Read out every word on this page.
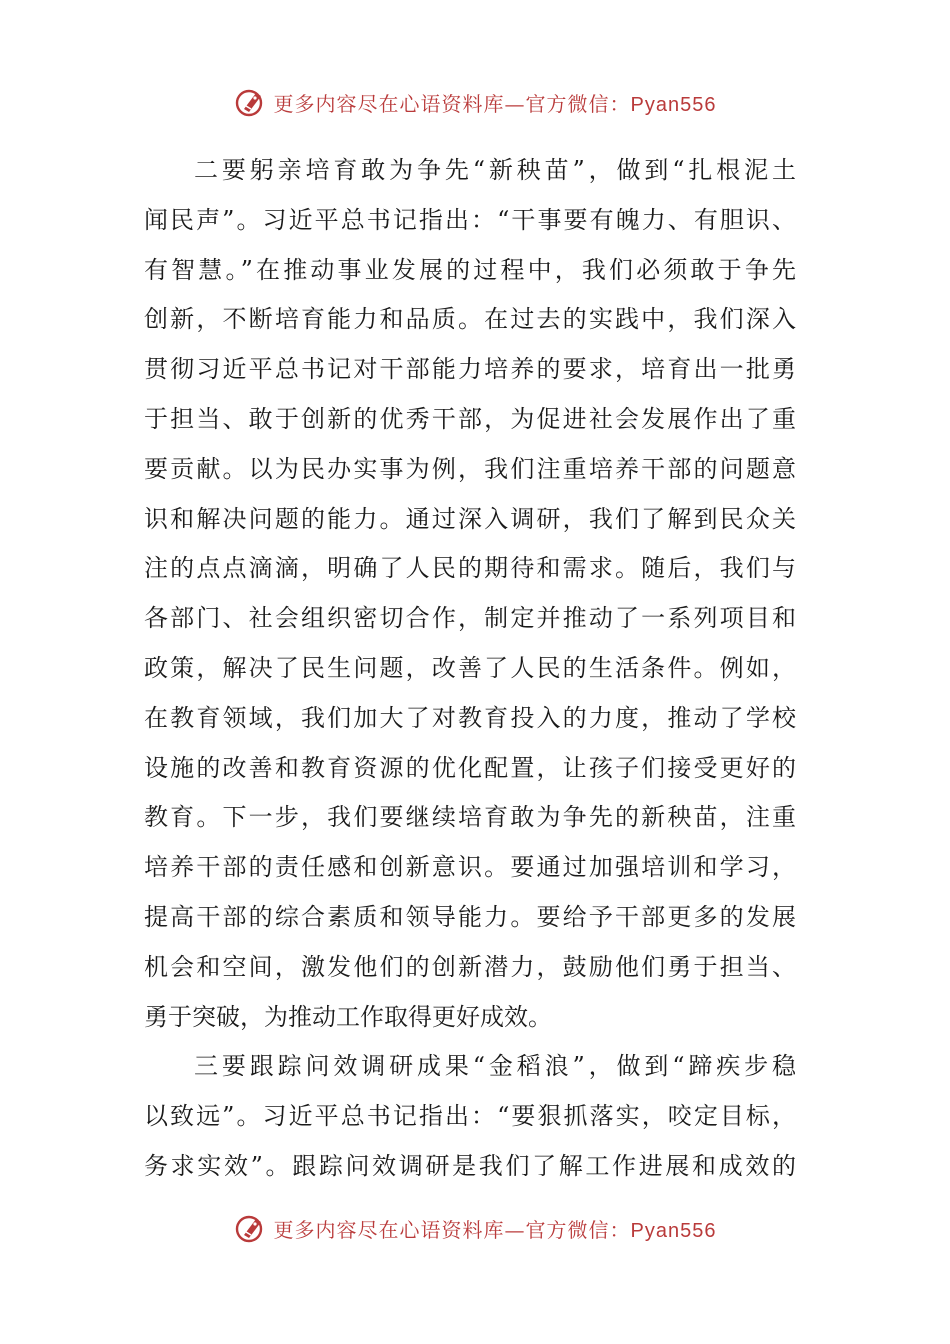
更多内容尽在心语资料库—官方微信：Pyan556
二要躬亲培育敢为争先“新秧苗”，做到“扎根泥土
闻民声”。习近平总书记指出：“干事要有魄力、有胆识、
有智慧。”在推动事业发展的过程中，我们必须敢于争先
创新，不断培育能力和品质。在过去的实践中，我们深入
贯彻习近平总书记对干部能力培养的要求，培育出一批勇
于担当、敢于创新的优秀干部，为促进社会发展作出了重
要贡献。以为民办实事为例，我们注重培养干部的问题意
识和解决问题的能力。通过深入调研，我们了解到民众关
注的点点滴滴，明确了人民的期待和需求。随后，我们与
各部门、社会组织密切合作，制定并推动了一系列项目和
政策，解决了民生问题，改善了人民的生活条件。例如，
在教育领域，我们加大了对教育投入的力度，推动了学校
设施的改善和教育资源的优化配置，让孩子们接受更好的
教育。下一步，我们要继续培育敢为争先的新秧苗，注重
培养干部的责任感和创新意识。要通过加强培训和学习，
提高干部的综合素质和领导能力。要给予干部更多的发展
机会和空间，激发他们的创新潜力，鼓励他们勇于担当、
勇于突破，为推动工作取得更好成效。
三要跟踪问效调研成果“金稻浪”，做到“蹄疾步稳
以致远”。习近平总书记指出：“要狠抓落实，咬定目标，
务求实效”。跟踪问效调研是我们了解工作进展和成效的
更多内容尽在心语资料库—官方微信：Pyan556
